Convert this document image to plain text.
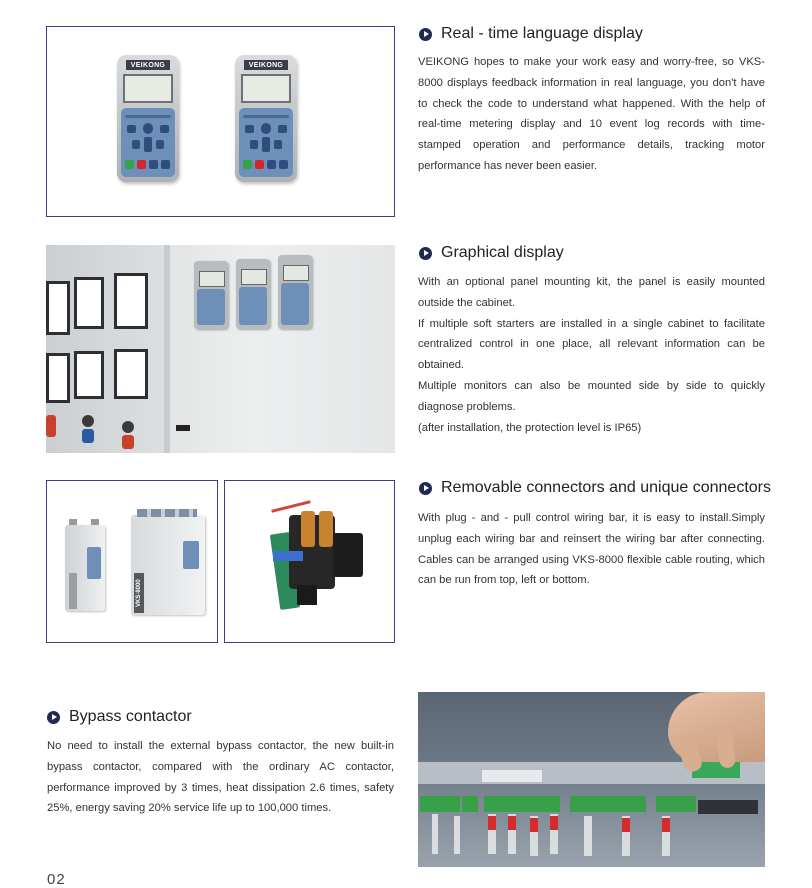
VEIKONG	VEIKONG
Real - time language display

VEIKONG hopes to make your work easy and worry-free, so VKS-8000 displays feedback information in real language, you don't have to check the code to understand what happened. With the help of real-time metering display and 10 event log records with time-stamped operation and performance details, tracking motor performance has never been easier.

Graphical display

With an optional panel mounting kit, the panel is easily mounted outside the cabinet.

If multiple soft starters are installed in a single cabinet to facilitate centralized control in one place, all relevant information can be obtained.

Multiple monitors can also be mounted side by side to quickly diagnose problems.

(after installation, the protection level is IP65)

VKS-8000
Removable connectors and unique connectors

With plug - and - pull control wiring bar, it is easy to install.Simply unplug each wiring bar and reinsert the wiring bar after connecting. Cables can be arranged using VKS-8000 flexible cable routing, which can be run from top, left or bottom.

Bypass contactor

No need to install the external bypass contactor, the new built-in bypass contactor, compared with the ordinary AC contactor, performance improved by 3 times, heat dissipation 2.6 times, safety 25%, energy saving 20% service life up to 100,000 times.

02
